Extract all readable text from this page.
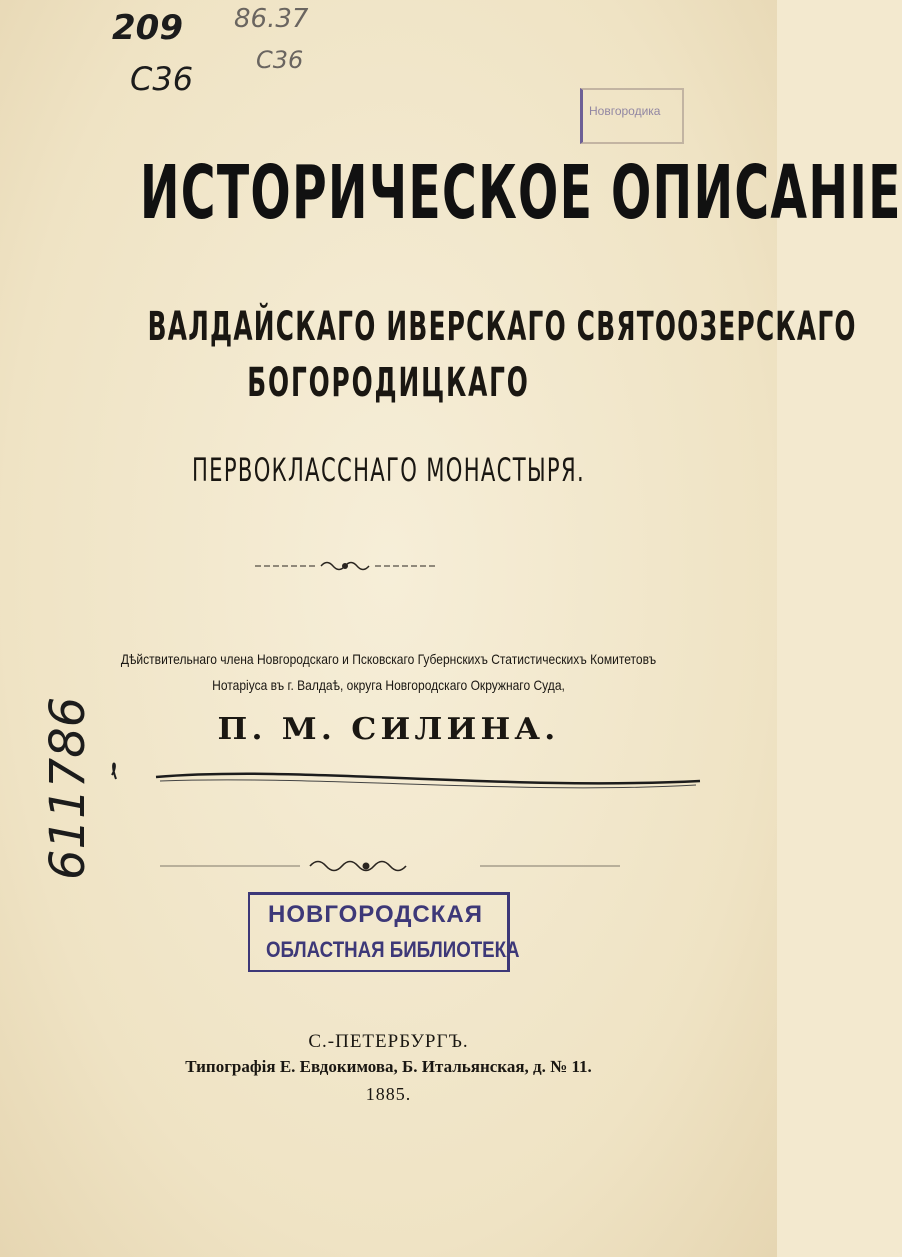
209 86.37
С36	С36
Новгородика
ИСТОРИЧЕСКОЕ ОПИСАНІЕ
ВАЛДАЙСКАГО ИВЕРСКАГО СВЯТООЗЕРСКАГО
БОГОРОДИЦКАГО
ПЕРВОКЛАССНАГО МОНАСТЫРЯ.
Дѣйствительнаго члена Новгородскаго и Псковскаго Губернскихъ Статистическихъ Комитетовъ
Нотаріуса въ г. Валдаѣ, округа Новгородскаго Окружнаго Суда,
П. М. СИЛИНА.
611786
НОВГОРОДСКАЯ
ОБЛАСТНАЯ БИБЛИОТЕКА
С.-ПЕТЕРБУРГЪ.
Типографія Е. Евдокимова, Б. Итальянская, д. № 11.
1885.
